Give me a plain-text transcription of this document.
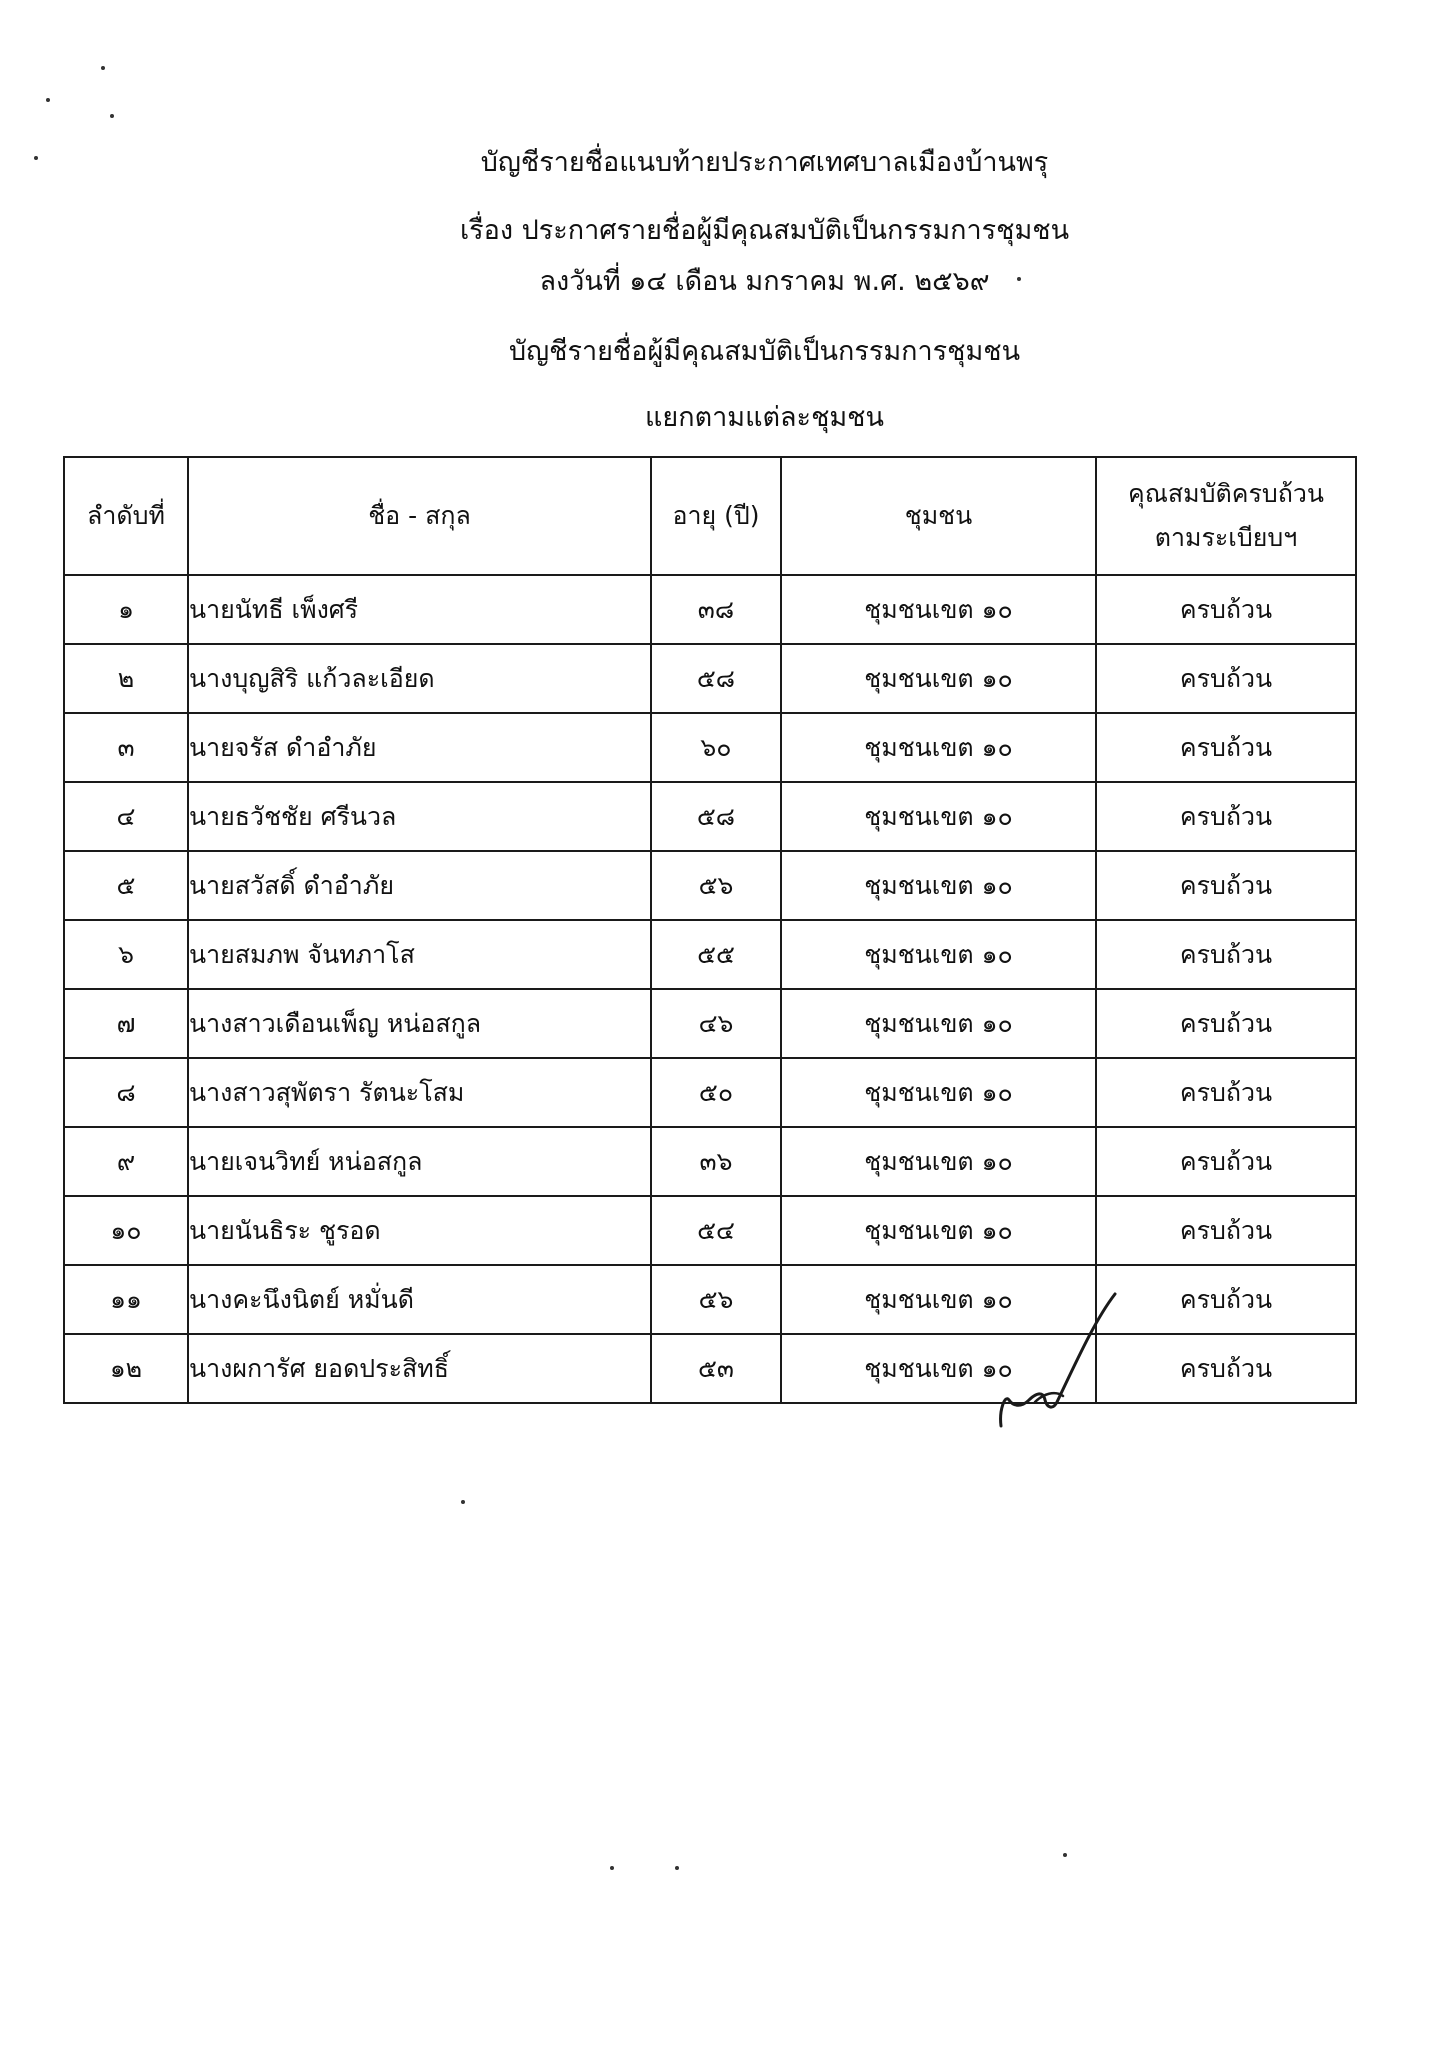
บัญชีรายชื่อแนบท้ายประกาศเทศบาลเมืองบ้านพรุ
เรื่อง ประกาศรายชื่อผู้มีคุณสมบัติเป็นกรรมการชุมชน
ลงวันที่ ๑๔ เดือน มกราคม พ.ศ. ๒๕๖๙
บัญชีรายชื่อผู้มีคุณสมบัติเป็นกรรมการชุมชน
แยกตามแต่ละชุมชน
ลำดับที่	ชื่อ - สกุล	อายุ (ปี)	ชุมชน	คุณสมบัติครบถ้วน
ตามระเบียบฯ
๑	นายนัทธี เพ็งศรี	๓๘	ชุมชนเขต ๑๐	ครบถ้วน
๒	นางบุญสิริ แก้วละเอียด	๕๘	ชุมชนเขต ๑๐	ครบถ้วน
๓	นายจรัส ดำอำภัย	๖๐	ชุมชนเขต ๑๐	ครบถ้วน
๔	นายธวัชชัย ศรีนวล	๕๘	ชุมชนเขต ๑๐	ครบถ้วน
๕	นายสวัสดิ์ ดำอำภัย	๕๖	ชุมชนเขต ๑๐	ครบถ้วน
๖	นายสมภพ จันทภาโส	๕๕	ชุมชนเขต ๑๐	ครบถ้วน
๗	นางสาวเดือนเพ็ญ หน่อสกูล	๔๖	ชุมชนเขต ๑๐	ครบถ้วน
๘	นางสาวสุพัตรา รัตนะโสม	๕๐	ชุมชนเขต ๑๐	ครบถ้วน
๙	นายเจนวิทย์ หน่อสกูล	๓๖	ชุมชนเขต ๑๐	ครบถ้วน
๑๐	นายนันธิระ ชูรอด	๕๔	ชุมชนเขต ๑๐	ครบถ้วน
๑๑	นางคะนึงนิตย์ หมั่นดี	๕๖	ชุมชนเขต ๑๐	ครบถ้วน
๑๒	นางผการัศ ยอดประสิทธิ์	๕๓	ชุมชนเขต ๑๐	ครบถ้วน
